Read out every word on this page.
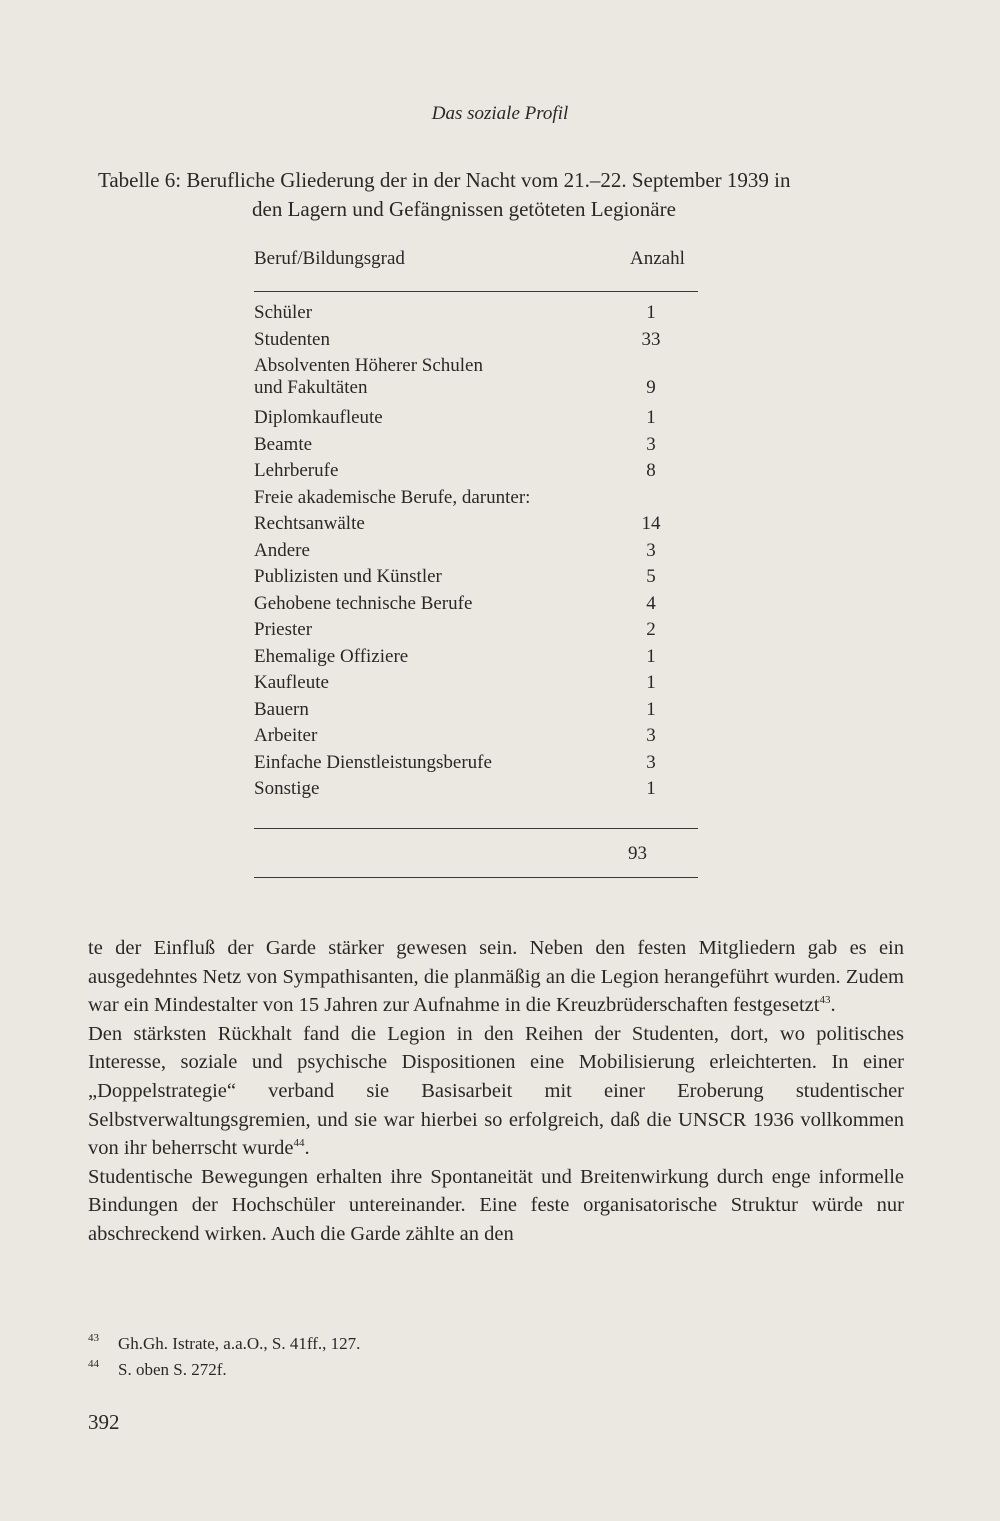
Das soziale Profil
Tabelle 6: Berufliche Gliederung der in der Nacht vom 21.–22. September 1939 in
den Lagern und Gefängnissen getöteten Legionäre
Beruf/Bildungsgrad	Anzahl
Schüler	1
Studenten	33
Absolventen Höherer Schulen
und Fakultäten	9
Diplomkaufleute	1
Beamte	3
Lehrberufe	8
Freie akademische Berufe, darunter:
Rechtsanwälte	14
Andere	3
Publizisten und Künstler	5
Gehobene technische Berufe	4
Priester	2
Ehemalige Offiziere	1
Kaufleute	1
Bauern	1
Arbeiter	3
Einfache Dienstleistungsberufe	3
Sonstige	1
93

te der Einfluß der Garde stärker gewesen sein. Neben den festen Mitgliedern gab es ein ausgedehntes Netz von Sympathisanten, die planmäßig an die Legion herangeführt wurden. Zudem war ein Mindestalter von 15 Jahren zur Aufnahme in die Kreuzbrüderschaften festgesetzt$^{43}$.

Den stärksten Rückhalt fand die Legion in den Reihen der Studenten, dort, wo politisches Interesse, soziale und psychische Dispositionen eine Mobilisierung erleichterten. In einer „Doppelstrategie“ verband sie Basisarbeit mit einer Eroberung studentischer Selbstverwaltungsgremien, und sie war hierbei so erfolgreich, daß die UNSCR 1936 vollkommen von ihr beherrscht wurde$^{44}$.

Studentische Bewegungen erhalten ihre Spontaneität und Breitenwirkung durch enge informelle Bindungen der Hochschüler untereinander. Eine feste organisatorische Struktur würde nur abschreckend wirken. Auch die Garde zählte an den

43 Gh.Gh. Istrate, a.a.O., S. 41ff., 127.
44 S. oben S. 272f.
392
